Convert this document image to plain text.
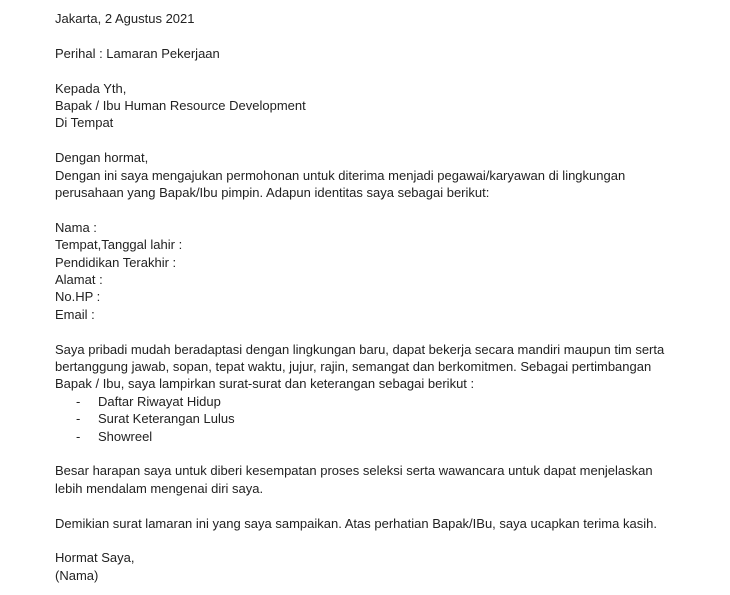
Jakarta, 2 Agustus 2021
Perihal : Lamaran Pekerjaan
Kepada Yth,
Bapak / Ibu Human Resource Development
Di Tempat
Dengan hormat,
Dengan ini saya mengajukan permohonan untuk diterima menjadi pegawai/karyawan di lingkungan
perusahaan yang Bapak/Ibu pimpin. Adapun identitas saya sebagai berikut:
Nama :
Tempat,Tanggal lahir :
Pendidikan Terakhir :
Alamat :
No.HP :
Email :
Saya pribadi mudah beradaptasi dengan lingkungan baru, dapat bekerja secara mandiri maupun tim serta
bertanggung jawab, sopan, tepat waktu, jujur, rajin, semangat dan berkomitmen. Sebagai pertimbangan
Bapak / Ibu, saya lampirkan surat-surat dan keterangan sebagai berikut :
- Daftar Riwayat Hidup
- Surat Keterangan Lulus
- Showreel
Besar harapan saya untuk diberi kesempatan proses seleksi serta wawancara untuk dapat menjelaskan
lebih mendalam mengenai diri saya.
Demikian surat lamaran ini yang saya sampaikan. Atas perhatian Bapak/IBu, saya ucapkan terima kasih.
Hormat Saya,
(Nama)
